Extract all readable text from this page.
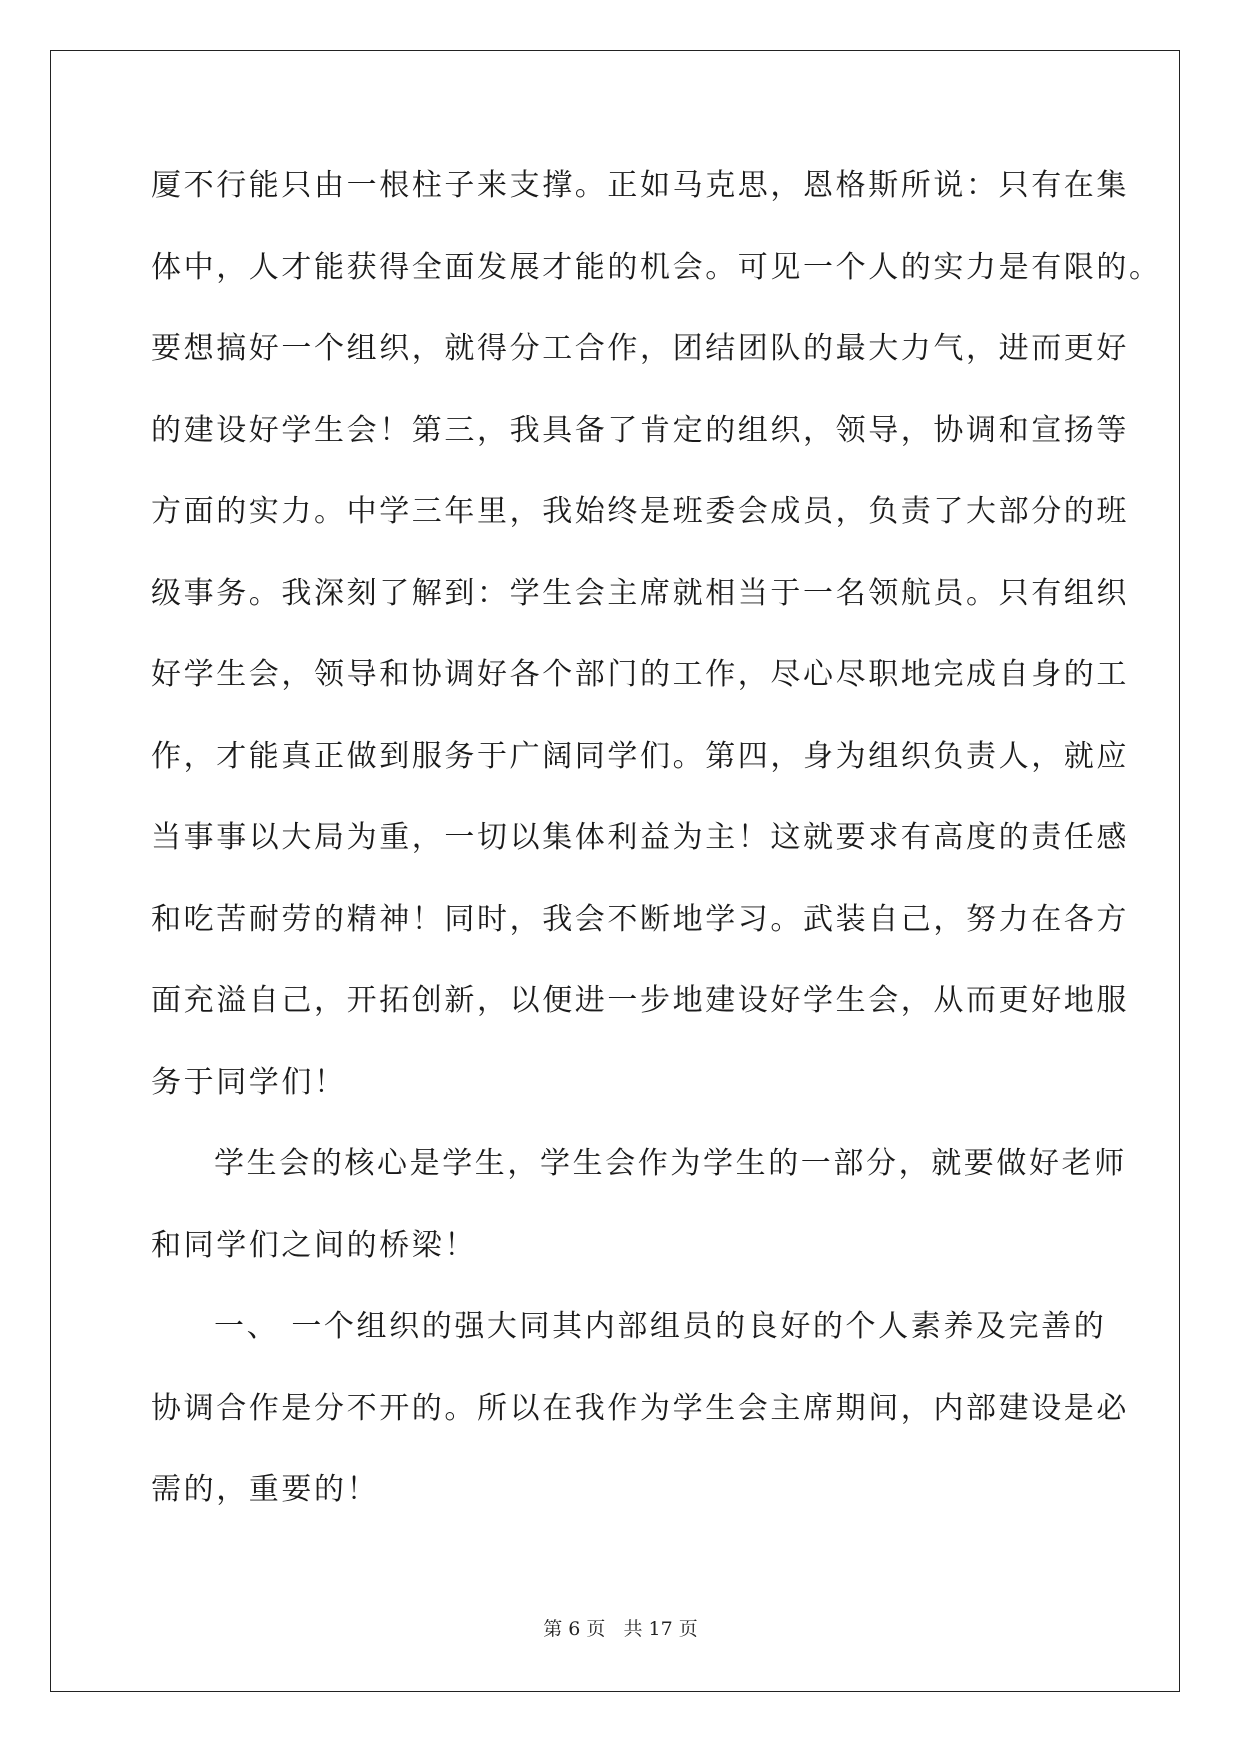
厦不行能只由一根柱子来支撑。正如马克思，恩格斯所说：只有在集
体中，人才能获得全面发展才能的机会。可见一个人的实力是有限的。
要想搞好一个组织，就得分工合作，团结团队的最大力气，进而更好
的建设好学生会！第三，我具备了肯定的组织，领导，协调和宣扬等
方面的实力。中学三年里，我始终是班委会成员，负责了大部分的班
级事务。我深刻了解到：学生会主席就相当于一名领航员。只有组织
好学生会，领导和协调好各个部门的工作，尽心尽职地完成自身的工
作，才能真正做到服务于广阔同学们。第四，身为组织负责人，就应
当事事以大局为重，一切以集体利益为主！这就要求有高度的责任感
和吃苦耐劳的精神！同时，我会不断地学习。武装自己，努力在各方
面充溢自己，开拓创新，以便进一步地建设好学生会，从而更好地服
务于同学们！
学生会的核心是学生，学生会作为学生的一部分，就要做好老师
和同学们之间的桥梁！
一、 一个组织的强大同其内部组员的良好的个人素养及完善的
协调合作是分不开的。所以在我作为学生会主席期间，内部建设是必
需的，重要的！
第 6 页   共 17 页
